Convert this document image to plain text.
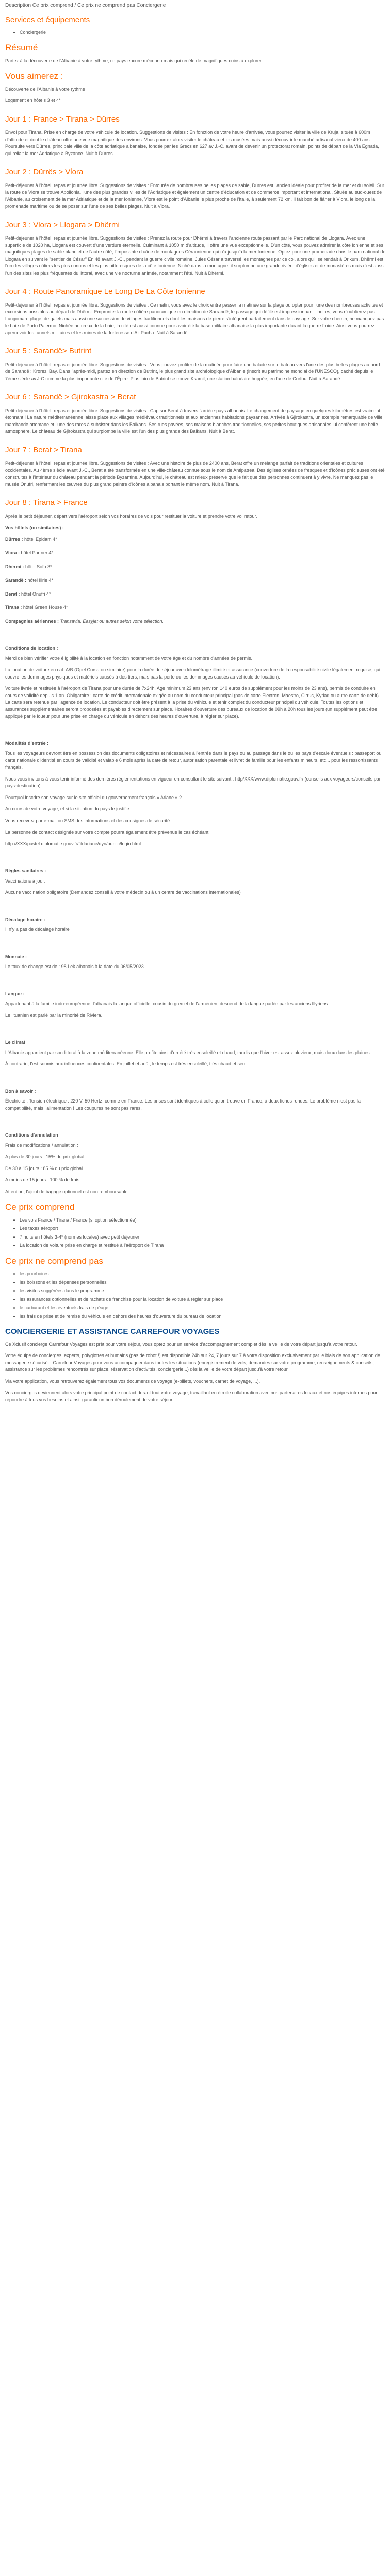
Description Ce prix comprend / Ce prix ne comprend pas Conciergerie
Services et équipements
• Conciergerie
Résumé

Partez à la découverte de l'Albanie à votre rythme, ce pays encore méconnu mais qui recèle de magnifiques coins à explorer

Vous aimerez :

Découverte de l'Albanie à votre rythme

Logement en hôtels 3 et 4*

Jour 1 : France > Tirana > Dürres

Envol pour Tirana. Prise en charge de votre véhicule de location. Suggestions de visites : En fonction de votre heure d'arrivée, vous pourrez visiter la ville de Kruja, située à 600m d'altitude et dont le château offre une vue magnifique des environs. Vous pourrez alors visiter le château et les musées mais aussi découvrir le marché artisanal vieux de 400 ans. Poursuite vers Dürres, principale ville de la côte adriatique albanaise, fondée par les Grecs en 627 av J.-C. avant de devenir un protectorat romain, points de départ de la Via Egnatia, qui reliait la mer Adriatique à Byzance. Nuit à Dürres.

Jour 2 : Dürrës > Vlora

Petit-déjeuner à l'hôtel, repas et journée libre. Suggestions de visites : Entourée de nombreuses belles plages de sable, Dürres est l'ancien idéale pour profiter de la mer et du soleil. Sur la route de Vlora se trouve Apollonia, l'une des plus grandes villes de l'Adriatique et également un centre d'éducation et de commerce important et international. Située au sud-ouest de l'Albanie, au croisement de la mer Adriatique et de la mer Ionienne, Vlora est le point d'Albanie le plus proche de l'Italie, à seulement 72 km. Il fait bon de flâner à Vlora, le long de la promenade maritime ou de se poser sur l'une de ses belles plages. Nuit à Vlora.

Jour 3 : Vlora > Llogara > Dhërmi

Petit-déjeuner à l'hôtel, repas et journée libre. Suggestions de visites : Prenez la route pour Dhërmi à travers l'ancienne route passant par le Parc national de Llogara. Avec une superficie de 1020 ha, Llogara est couvert d'une verdure éternelle. Culminant à 1050 m d'altitude, il offre une vue exceptionnelle. D'un côté, vous pouvez admirer la côte ionienne et ses magnifiques plages de sable blanc et de l'autre côté, l'imposante chaîne de montagnes Céraunienne qui n'a jusqu'à la mer Ionienne. Optez pour une promenade dans le parc national de Llogara en suivant le "sentier de César" En 48 avant J.-C., pendant la guerre civile romaine, Jules César a traversé les montagnes par ce col, alors qu'il se rendait à Orikum. Dhërmi est l'un des villages côtiers les plus connus et les plus pittoresques de la côte Ionienne. Niché dans la montagne, il surplombe une grande rivière d'églises et de monastères mais c'est aussi l'un des sites les plus fréquentés du littoral, avec une vie nocturne animée, notamment l'été. Nuit à Dhërmi.

Jour 4 : Route Panoramique Le Long De La Côte Ionienne

Petit-déjeuner à l'hôtel, repas et journée libre. Suggestions de visites : Ce matin, vous avez le choix entre passer la matinée sur la plage ou opter pour l'une des nombreuses activités et excursions possibles au départ de Dhërmi. Emprunter la route côtière panoramique en direction de Sarrandë, le passage qui défilé est impressionnant : boires, vous n'oublierez pas. Lungomare plage, de galets mais aussi une succession de villages traditionnels dont les maisons de pierre s'intègrent parfaitement dans le paysage. Sur votre chemin, ne manquez pas le baie de Porto Palermo. Nichée au creux de la baie, la cité est aussi connue pour avoir été la base militaire albanaise la plus importante durant la guerre froide. Ainsi vous pourrez apercevoir les tunnels militaires et les ruines de la forteresse d'Ali Pacha. Nuit à Sarandë.

Jour 5 : Sarandë> Butrint

Petit-déjeuner à l'hôtel, repas et journée libre. Suggestions de visites : Vous pouvez profiter de la matinée pour faire une balade sur le bateau vers l'une des plus belles plages au nord de Sarandë : Krorezi Bay. Dans l'après-midi, partez en direction de Butrint, le plus grand site archéologique d'Albanie (inscrit au patrimoine mondial de l'UNESCO), caché depuis le 7ème siècle av.J-C comme la plus importante cité de l'Épire. Plus loin de Butrint se trouve Ksamil, une station balnéaire huppée, en face de Corfou. Nuit à Sarandë.

Jour 6 : Sarandë > Gjirokastra > Berat

Petit-déjeuner à l'hôtel, repas et journée libre. Suggestions de visites : Cap sur Berat à travers l'arrière-pays albanais. Le changement de paysage en quelques kilomètres est vraiment étonnant ! La nature méditerranéenne laisse place aux villages médiévaux traditionnels et aux anciennes habitations paysannes. Arrivée à Gjirokastra, un exemple remarquable de ville marchande ottomane et l'une des rares à subsister dans les Balkans. Ses rues pavées, ses maisons blanches traditionnelles, ses petites boutiques artisanales lui confèrent une belle atmosphère. Le château de Gjirokastra qui surplombe la ville est l'un des plus grands des Balkans. Nuit à Berat.

Jour 7 : Berat > Tirana

Petit-déjeuner à l'hôtel, repas et journée libre. Suggestions de visites : Avec une histoire de plus de 2400 ans, Berat offre un mélange parfait de traditions orientales et cultures occidentales. Au 4ème siècle avant J.-C., Berat a été transformée en une ville-château connue sous le nom de Antipatrea. Des églises ornées de fresques et d'icônes précieuses ont été construites à l'intérieur du château pendant la période Byzantine. Aujourd'hui, le château est mieux préservé que le fait que des personnes continuent à y vivre. Ne manquez pas le musée Onufri, renfermant les œuvres du plus grand peintre d'icônes albanais portant le même nom. Nuit à Tirana.

Jour 8 : Tirana > France

Après le petit déjeuner, départ vers l'aéroport selon vos horaires de vols pour restituer la voiture et prendre votre vol retour.

Vos hôtels (ou similaires) :

Dürres : hôtel Epidam 4*

Vlora : hôtel Partner 4*

Dhërmi : hôtel Sofo 3*

Sarandë : hôtel Ilirie 4*

Berat : hôtel Onufri 4*

Tirana : hôtel Green House 4*

Compagnies aériennes : Transavia. Easyjet ou autres selon votre sélection.

Conditions de location :

Merci de bien vérifier votre éligibilité à la location en fonction notamment de votre âge et du nombre d'années de permis.

La location de voiture en cat. A/B (Opel Corsa ou similaire) pour la durée du séjour avec kilométrage illimité et assurance (couverture de la responsabilité civile légalement requise, qui couvre les dommages physiques et matériels causés à des tiers, mais pas la perte ou les dommages causés au véhicule de location).

Voiture livrée et restituée à l'aéroport de Tirana pour une durée de 7x24h. Age minimum 23 ans (environ 140 euros de supplément pour les moins de 23 ans), permis de conduire en cours de validité depuis 1 an. Obligatoire : carte de crédit internationale exigée au nom du conducteur principal (pas de carte Electron, Maestro, Cirrus, Kyriad ou autre carte de débit). La carte sera retenue par l'agence de location. Le conducteur doit être présent à la prise du véhicule et tenir complet du conducteur principal du véhicule. Toutes les options et assurances supplémentaires seront proposées et payables directement sur place. Horaires d'ouverture des bureaux de location de 09h à 20h tous les jours (un supplément peut être appliqué par le loueur pour une prise en charge du véhicule en dehors des heures d'ouverture, à régler sur place).

Modalités d'entrée :

Tous les voyageurs devront être en possession des documents obligatoires et nécessaires à l'entrée dans le pays ou au passage dans le ou les pays d'escale éventuels : passeport ou carte nationale d'identité en cours de validité et valable 6 mois après la date de retour, autorisation parentale et livret de famille pour les enfants mineurs, etc... pour les ressortissants français.

Nous vous invitons à vous tenir informé des dernières réglementations en vigueur en consultant le site suivant : http/XXX/www.diplomatie.gouv.fr/ (conseils aux voyageurs/conseils par pays-destination)

Pourquoi inscrire son voyage sur le site officiel du gouvernement français « Ariane » ?

Au cours de votre voyage, et si la situation du pays le justifie :

Vous recevrez par e-mail ou SMS des informations et des consignes de sécurité.

La personne de contact désignée sur votre compte pourra également être prévenue le cas échéant.

http://XXX/pastel.diplomatie.gouv.fr/fildariane/dyn/public/login.html

Règles sanitaires :

Vaccinations à jour.

Aucune vaccination obligatoire (Demandez conseil à votre médecin ou à un centre de vaccinations internationales)

Décalage horaire :

Il n'y a pas de décalage horaire

Monnaie :

Le taux de change est de : 98 Lek albanais à la date du 06/05/2023

Langue :

Appartenant à la famille indo-européenne, l'albanais la langue officielle, cousin du grec et de l'arménien, descend de la langue parlée par les anciens Illyriens.

Le lituanien est parlé par la minorité de Riviera.

Le climat

L'Albanie appartient par son littoral à la zone méditerranéenne. Elle profite ainsi d'un été très ensoleillé et chaud, tandis que l'hiver est assez pluvieux, mais doux dans les plaines.

À contrario, l'est soumis aux influences continentales. En juillet et août, le temps est très ensoleillé, très chaud et sec.

Bon à savoir :

Électricité : Tension électrique : 220 V, 50 Hertz, comme en France. Les prises sont identiques à celle qu'on trouve en France, à deux fiches rondes. Le problème n'est pas la compatibilité, mais l'alimentation ! Les coupures ne sont pas rares.

Conditions d'annulation

Frais de modifications / annulation :

A plus de 30 jours : 15% du prix global

De 30 à 15 jours : 85 % du prix global

A moins de 15 jours : 100 % de frais

Attention, l'ajout de bagage optionnel est non remboursable.

Ce prix comprend
• Les vols France / Tirana / France (si option sélectionnée)
• Les taxes aéroport
• 7 nuits en hôtels 3-4* (normes locales) avec petit déjeuner
• La location de voiture prise en charge et restitué à l'aéroport de Tirana
Ce prix ne comprend pas
• les pourboires
• les boissons et les dépenses personnelles
• les visites suggérées dans le programme
• les assurances optionnelles et de rachats de franchise pour la location de voiture à régler sur place
• le carburant et les éventuels frais de péage
• les frais de prise et de remise du véhicule en dehors des heures d'ouverture du bureau de location
CONCIERGERIE ET ASSISTANCE CARREFOUR VOYAGES

Ce Xclusif concierge Carrefour Voyages est prêt pour votre séjour, vous optez pour un service d'accompagnement complet dès la veille de votre départ jusqu'à votre retour.

Votre équipe de concierges, experts, polyglottes et humains (pas de robot !) est disponible 24h sur 24, 7 jours sur 7 à votre disposition exclusivement par le biais de son application de messagerie sécurisée. Carrefour Voyages pour vous accompagner dans toutes les situations (enregistrement de vols, demandes sur votre programme, renseignements & conseils, assistance sur les problèmes rencontrés sur place, réservation d'activités, conciergerie...) dès la veille de votre départ jusqu'à votre retour.

Via votre application, vous retrouverez également tous vos documents de voyage (e-billets, vouchers, carnet de voyage, ...).

Vos concierges deviennent alors votre principal point de contact durant tout votre voyage, travaillant en étroite collaboration avec nos partenaires locaux et nos équipes internes pour répondre à tous vos besoins et ainsi, garantir un bon déroulement de votre séjour.
